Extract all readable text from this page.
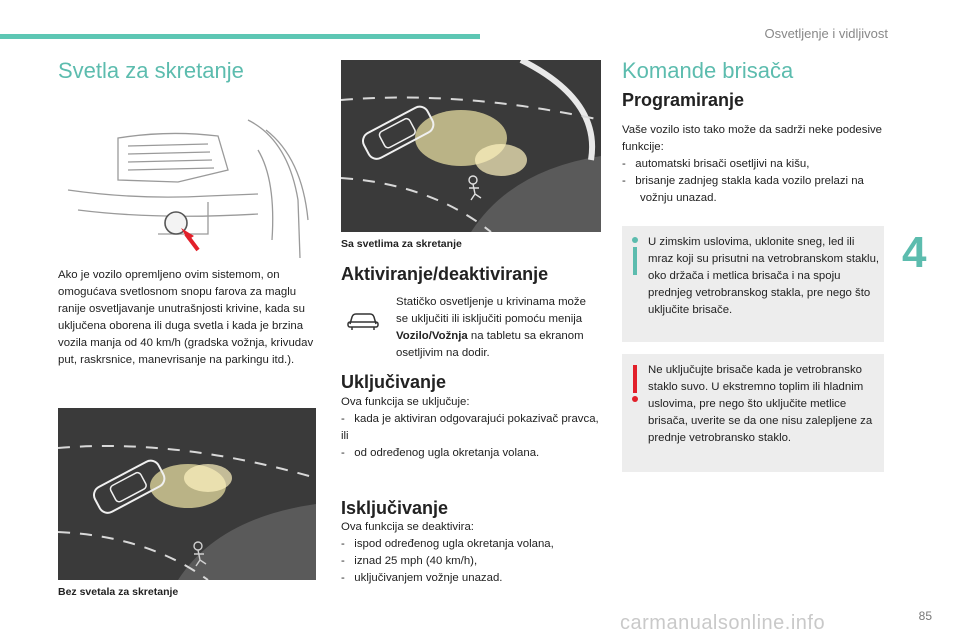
Osvetljenje i vidljivost
4
Svetla za skretanje
Ako je vozilo opremljeno ovim sistemom, on omogućava svetlosnom snopu farova za maglu ranije osvetljavanje unutrašnjosti krivine, kada su uključena oborena ili duga svetla i kada je brzina vozila manja od 40 km/h (gradska vožnja, krivudav put, raskrsnice, manevrisanje na parkingu itd.).
Bez svetala za skretanje
Sa svetlima za skretanje
Aktiviranje/deaktiviranje
Statičko osvetljenje u krivinama može se uključiti ili isključiti pomoću menija Vozilo/Vožnja na tabletu sa ekranom osetljivim na dodir.
Uključivanje
Ova funkcija se uključuje:
-   kada je aktiviran odgovarajući pokazivač pravca,
ili
-   od određenog ugla okretanja volana.
Isključivanje
Ova funkcija se deaktivira:
-   ispod određenog ugla okretanja volana,
-   iznad 25 mph (40 km/h),
-   uključivanjem vožnje unazad.
Komande brisača
Programiranje
Vaše vozilo isto tako može da sadrži neke podesive funkcije:
-   automatski brisači osetljivi na kišu,
-   brisanje zadnjeg stakla kada vozilo prelazi na vožnju unazad.
U zimskim uslovima, uklonite sneg, led ili mraz koji su prisutni na vetrobranskom staklu, oko držača i metlica brisača i na spoju prednjeg vetrobranskog stakla, pre nego što uključite brisače.
Ne uključujte brisače kada je vetrobransko staklo suvo. U ekstremno toplim ili hladnim uslovima, pre nego što uključite metlice brisača, uverite se da one nisu zalepljene za prednje vetrobransko staklo.
carmanualsonline.info	85
